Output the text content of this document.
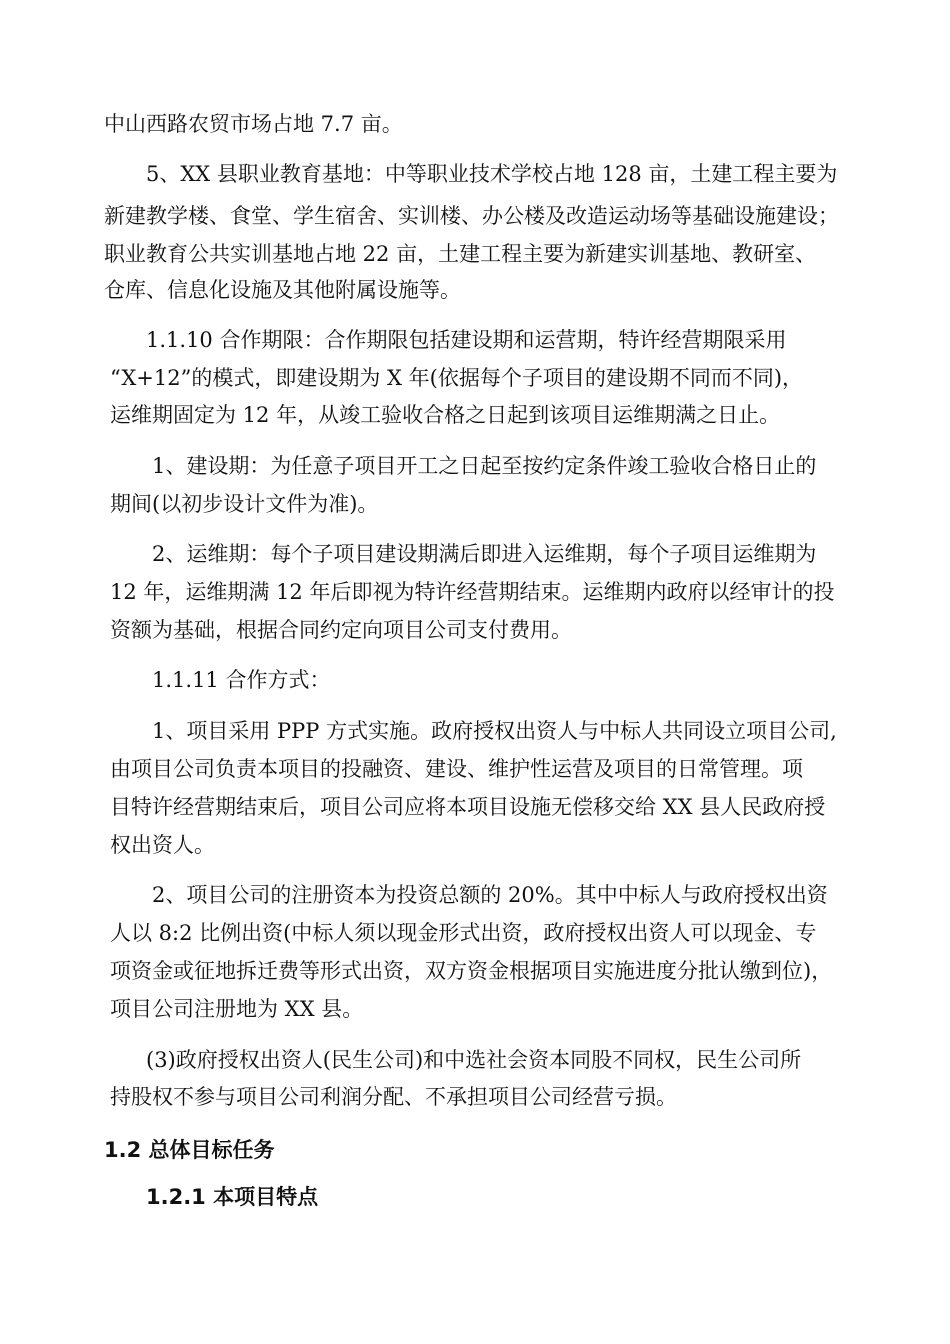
中山西路农贸市场占地 7.7 亩。
5、XX 县职业教育基地：中等职业技术学校占地 128 亩，土建工程主要为
新建教学楼、食堂、学生宿舍、实训楼、办公楼及改造运动场等基础设施建设；
职业教育公共实训基地占地 22 亩，土建工程主要为新建实训基地、教研室、
仓库、信息化设施及其他附属设施等。
1.1.10 合作期限：合作期限包括建设期和运营期，特许经营期限采用
“X+12”的模式，即建设期为 X 年(依据每个子项目的建设期不同而不同)，
运维期固定为 12 年，从竣工验收合格之日起到该项目运维期满之日止。
1、建设期：为任意子项目开工之日起至按约定条件竣工验收合格日止的
期间(以初步设计文件为准)。
2、运维期：每个子项目建设期满后即进入运维期，每个子项目运维期为
12 年，运维期满 12 年后即视为特许经营期结束。运维期内政府以经审计的投
资额为基础，根据合同约定向项目公司支付费用。
1.1.11 合作方式：
1、项目采用 PPP 方式实施。政府授权出资人与中标人共同设立项目公司,
由项目公司负责本项目的投融资、建设、维护性运营及项目的日常管理。项
目特许经营期结束后，项目公司应将本项目设施无偿移交给 XX 县人民政府授
权出资人。
2、项目公司的注册资本为投资总额的 20%。其中中标人与政府授权出资
人以 8:2 比例出资(中标人须以现金形式出资，政府授权出资人可以现金、专
项资金或征地拆迁费等形式出资，双方资金根据项目实施进度分批认缴到位)，
项目公司注册地为 XX 县。
(3)政府授权出资人(民生公司)和中选社会资本同股不同权，民生公司所
持股权不参与项目公司利润分配、不承担项目公司经营亏损。
1.2 总体目标任务
1.2.1 本项目特点
